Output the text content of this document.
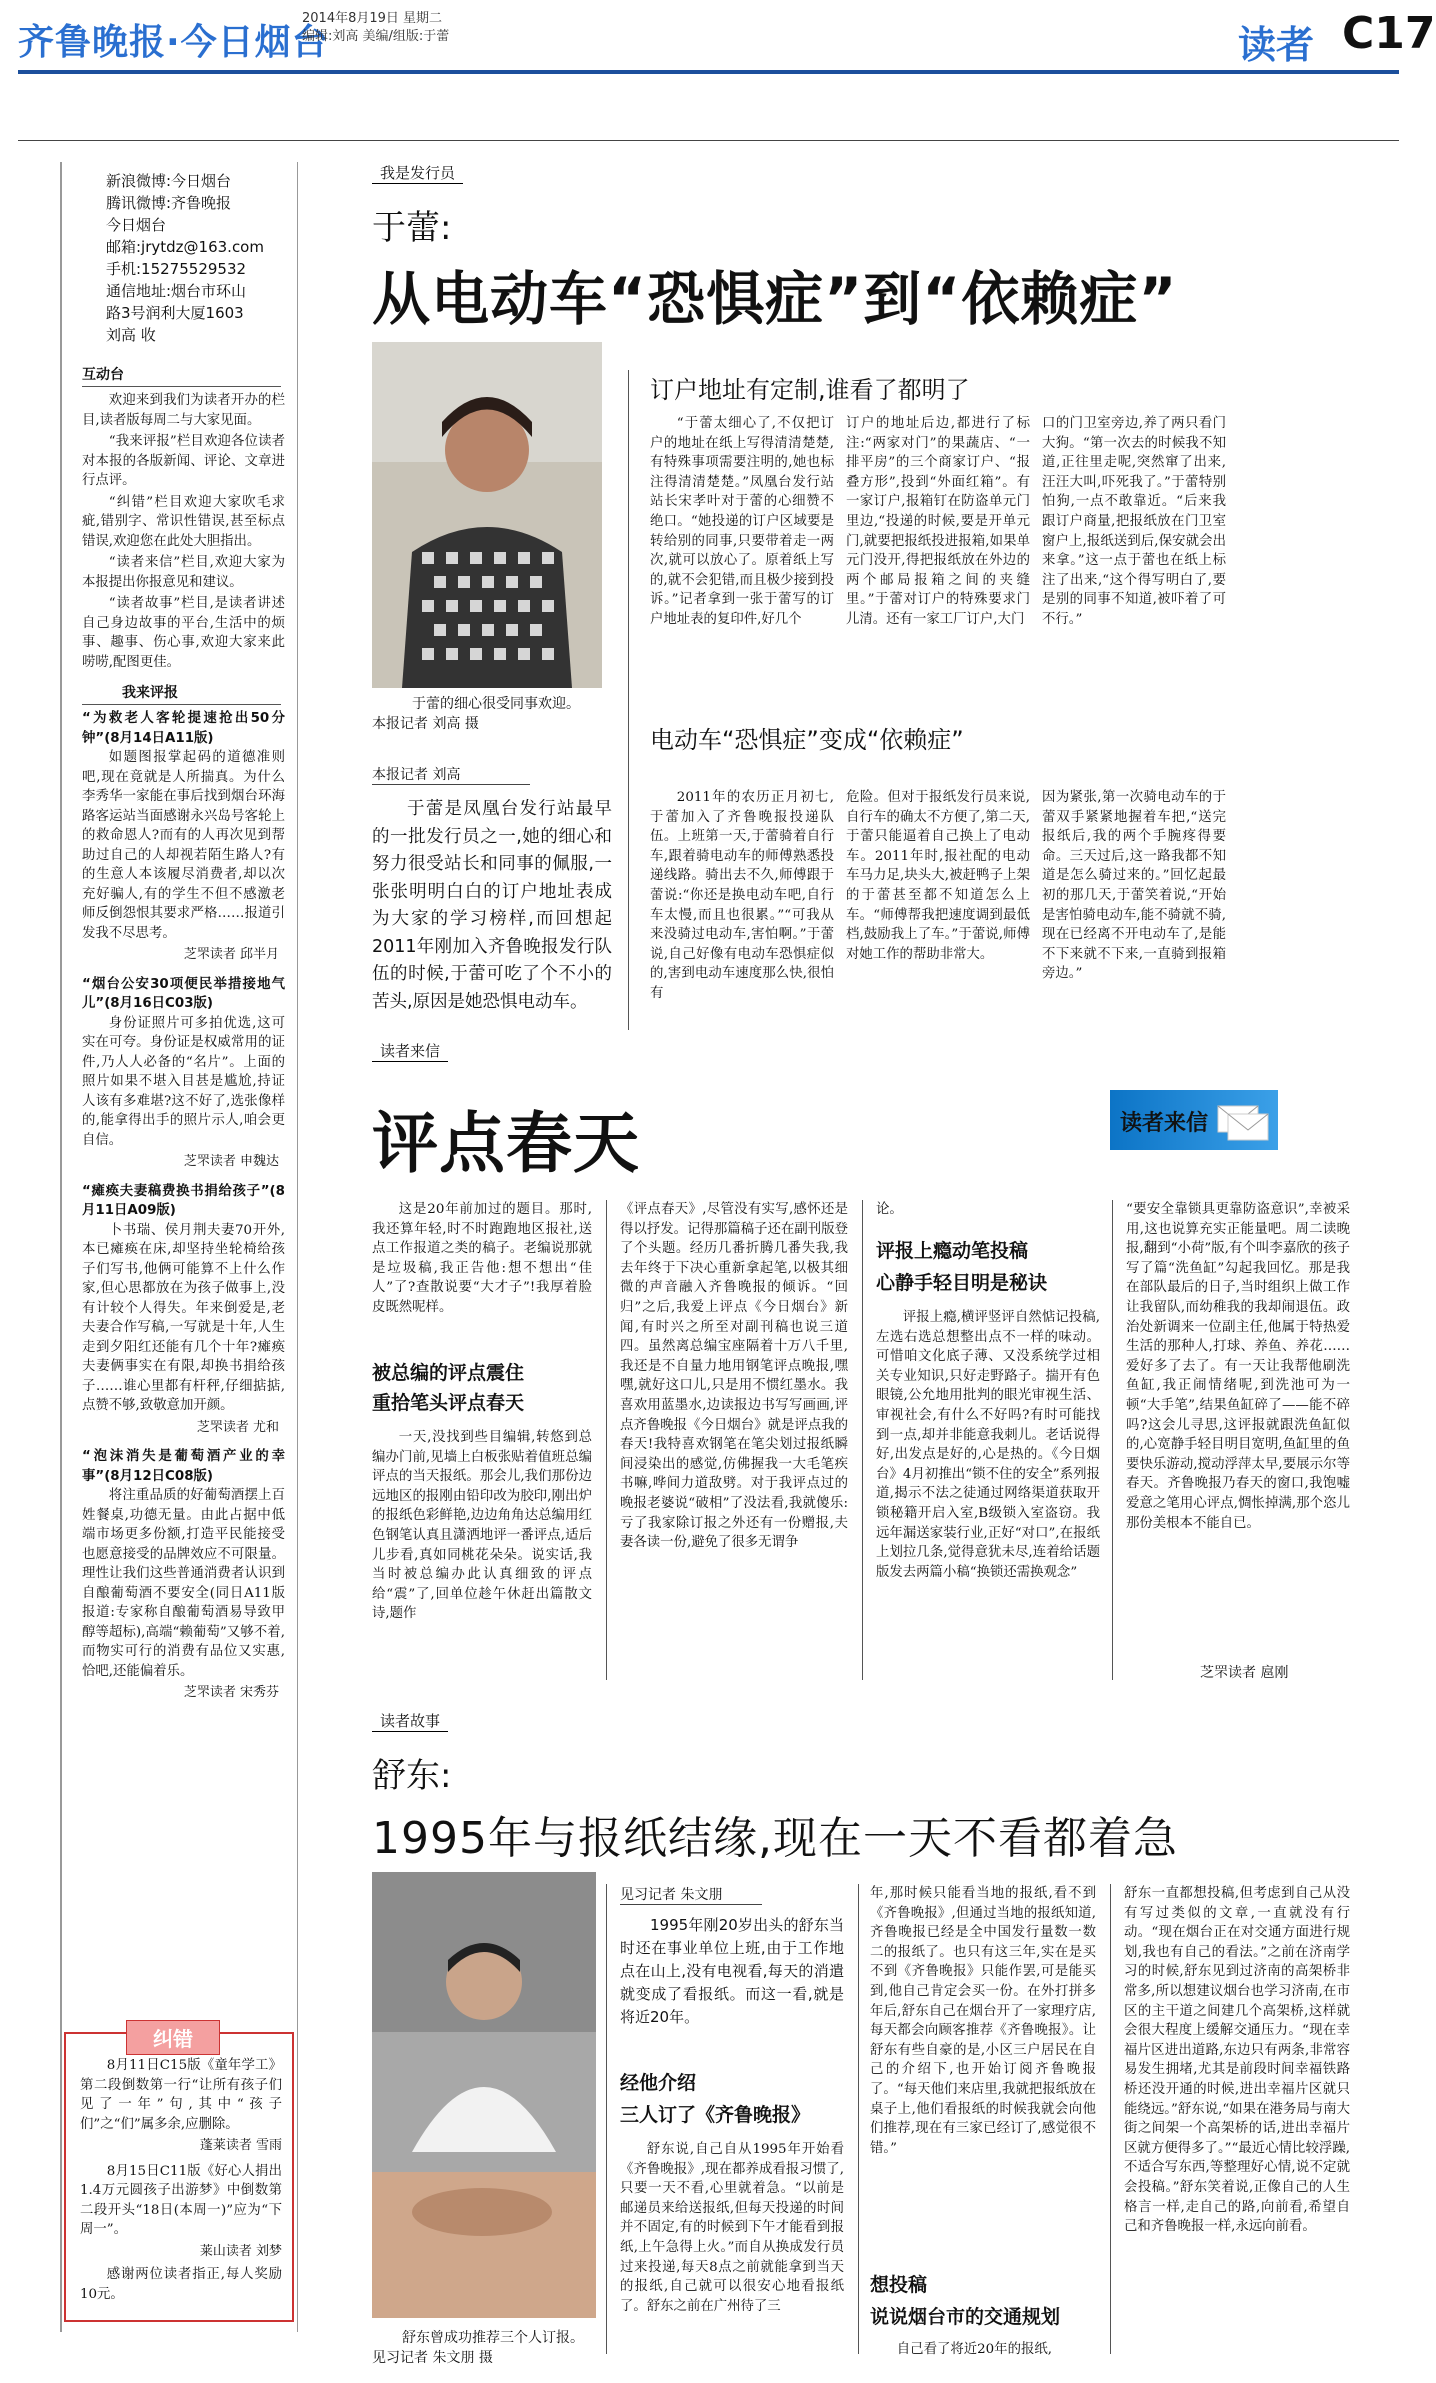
齐鲁晚报·今日烟台
2014年8月19日 星期二
编辑:刘高 美编/组版:于蕾	读者 C17
新浪微博:今日烟台
腾讯微博:齐鲁晚报
今日烟台
邮箱:jrytdz@163.com
手机:15275529532
通信地址:烟台市环山
路3号润利大厦1603
刘高 收
互动台

欢迎来到我们为读者开办的栏目,读者版每周二与大家见面。

“我来评报”栏目欢迎各位读者对本报的各版新闻、评论、文章进行点评。

“纠错”栏目欢迎大家吹毛求疵,错别字、常识性错误,甚至标点错误,欢迎您在此处大胆指出。

“读者来信”栏目,欢迎大家为本报提出你报意见和建议。

“读者故事”栏目,是读者讲述自己身边故事的平台,生活中的烦事、趣事、伤心事,欢迎大家来此唠唠,配图更佳。

我来评报
“为救老人客轮提速抢出50分钟”(8月14日A11版)

如题图报掌起码的道德准则吧,现在竟就是人所揣真。为什么李秀华一家能在事后找到烟台环海路客运站当面感谢永兴岛号客轮上的救命恩人?而有的人再次见到帮助过自己的人却视若陌生路人?有的生意人本该履尽消费者,却以次充好骗人,有的学生不但不感激老师反倒怨恨其要求严格……报道引发我不尽思考。

芝罘读者 邱半月
“烟台公安30项便民举措接地气儿”(8月16日C03版)

身份证照片可多拍优选,这可实在可夸。身份证是权威常用的证件,乃人人必备的“名片”。上面的照片如果不堪入目甚是尴尬,持证人该有多难堪?这不好了,选张像样的,能拿得出手的照片示人,咱会更自信。

芝罘读者 申魏达
“瘫痪夫妻稿费换书捐给孩子”(8月11日A09版)

卜书瑞、侯月荆夫妻70开外,本已瘫痪在床,却坚持坐轮椅给孩子们写书,他俩可能算不上什么作家,但心思都放在为孩子做事上,没有计较个人得失。年来倒爱是,老夫妻合作写稿,一写就是十年,人生走到夕阳红还能有几个十年?瘫痪夫妻俩事实在有限,却换书捐给孩子……谁心里都有杆秤,仔细掂掂,点赞不够,致敬意加开颜。

芝罘读者 尤和
“泡沫消失是葡萄酒产业的幸事”(8月12日C08版)

将注重品质的好葡萄酒摆上百姓餐桌,功德无量。由此占据中低端市场更多份额,打造平民能接受也愿意接受的品牌效应不可限量。理性让我们这些普通消费者认识到自酿葡萄酒不要安全(同日A11版报道:专家称自酿葡萄酒易导致甲醇等超标),高端“赖葡萄”又够不着,而物实可行的消费有品位又实惠,恰吧,还能偏着乐。

芝罘读者 宋秀芬
纠错

8月11日C15版《童年学工》第二段倒数第一行“让所有孩子们见了一年”句,其中“孩子们”之“们”属多余,应删除。

蓬莱读者 雪雨

8月15日C11版《好心人捐出1.4万元圆孩子出游梦》中倒数第二段开头“18日(本周一)”应为“下周一”。

莱山读者 刘梦

感谢两位读者指正,每人奖励10元。

我是发行员
于蕾:
从电动车“恐惧症”到“依赖症”
于蕾的细心很受同事欢迎。
本报记者 刘高 摄
订户地址有定制,谁看了都明了

“于蕾太细心了,不仅把订户的地址在纸上写得清清楚楚,有特殊事项需要注明的,她也标注得清清楚楚。”凤凰台发行站站长宋孝叶对于蕾的心细赞不绝口。“她投递的订户区域要是转给别的同事,只要带着走一两次,就可以放心了。原着纸上写的,就不会犯错,而且极少接到投诉。”记者拿到一张于蕾写的订户地址表的复印件,好几个

订户的地址后边,都进行了标注:“两家对门”的果蔬店、“一排平房”的三个商家订户、“报叠方形”,投到“外面红箱”。有一家订户,报箱钉在防盗单元门里边,“投递的时候,要是开单元门,就要把报纸投进报箱,如果单元门没开,得把报纸放在外边的两个邮局报箱之间的夹缝里。”于蕾对订户的特殊要求门儿清。还有一家工厂订户,大门

口的门卫室旁边,养了两只看门大狗。“第一次去的时候我不知道,正往里走呢,突然窜了出来,汪汪大叫,吓死我了。”于蕾特别怕狗,一点不敢靠近。“后来我跟订户商量,把报纸放在门卫室窗户上,报纸送到后,保安就会出来拿。”这一点于蕾也在纸上标注了出来,“这个得写明白了,要是别的同事不知道,被吓着了可不行。”

电动车“恐惧症”变成“依赖症”
本报记者 刘高

于蕾是凤凰台发行站最早的一批发行员之一,她的细心和努力很受站长和同事的佩服,一张张明明白白的订户地址表成为大家的学习榜样,而回想起2011年刚加入齐鲁晚报发行队伍的时候,于蕾可吃了个不小的苦头,原因是她恐惧电动车。

2011年的农历正月初七,于蕾加入了齐鲁晚报投递队伍。上班第一天,于蕾骑着自行车,跟着骑电动车的师傅熟悉投递线路。骑出去不久,师傅跟于蕾说:“你还是换电动车吧,自行车太慢,而且也很累。”“可我从来没骑过电动车,害怕啊。”于蕾说,自己好像有电动车恐惧症似的,害到电动车速度那么快,很怕有

危险。但对于报纸发行员来说,自行车的确太不方便了,第二天,于蕾只能逼着自己换上了电动车。2011年时,报社配的电动车马力足,块头大,被赶鸭子上架的于蕾甚至都不知道怎么上车。“师傅帮我把速度调到最低档,鼓励我上了车。”于蕾说,师傅对她工作的帮助非常大。

因为紧张,第一次骑电动车的于蕾双手紧紧地握着车把,“送完报纸后,我的两个手腕疼得要命。三天过后,这一路我都不知道是怎么骑过来的。”回忆起最初的那几天,于蕾笑着说,“开始是害怕骑电动车,能不骑就不骑,现在已经离不开电动车了,是能不下来就不下来,一直骑到报箱旁边。”

读者来信
评点春天	读者来信

这是20年前加过的题目。那时,我还算年轻,时不时跑跑地区报社,送点工作报道之类的稿子。老编说那就是垃圾稿,我正告他:想不想出“佳人”了?查散说要“大才子”!我厚着脸皮既然呢样。

被总编的评点震住
重拾笔头评点春天

一天,没找到些目编辑,转悠到总编办门前,见墙上白板张贴着值班总编评点的当天报纸。那会儿,我们那份边远地区的报刚由铅印改为胶印,刚出炉的报纸色彩鲜艳,边边角角达总编用红色钢笔认真且潇洒地评一番评点,适后儿步看,真如同桃花朵朵。说实话,我当时被总编办此认真细致的评点给“震”了,回单位趁午休赶出篇散文诗,题作

《评点春天》,尽管没有实写,感怀还是得以抒发。记得那篇稿子还在副刊版登了个头题。经历几番折腾几番失我,我去年终于下决心重新拿起笔,以极其细微的声音融入齐鲁晚报的倾诉。“回归”之后,我爱上评点《今日烟台》新闻,有时兴之所至对副刊稿也说三道四。虽然离总编宝座隔着十万八千里,我还是不自量力地用钢笔评点晚报,嘿嘿,就好这口儿,只是用不惯红墨水。我喜欢用蓝墨水,边读报边书写写画画,评点齐鲁晚报《今日烟台》就是评点我的春天!我特喜欢钢笔在笔尖划过报纸瞬间浸染出的感觉,仿佛握我一大毛笔疾书嘛,哗间力道敌劈。对于我评点过的晚报老婆说“破相”了没法看,我就傻乐:亏了我家除订报之外还有一份赠报,夫妻各读一份,避免了很多无谓争

论。

评报上瘾动笔投稿
心静手轻目明是秘诀

评报上瘾,横评竖评自然惦记投稿,左选右选总想整出点不一样的味动。可惜咱文化底子薄、又没系统学过相关专业知识,只好走野路子。揣开有色眼镜,公允地用批判的眼光审视生活、审视社会,有什么不好吗?有时可能找到一点,却并非能意我刺儿。老话说得好,出发点是好的,心是热的。《今日烟台》4月初推出“锁不住的安全”系列报道,揭示不法之徒通过网络渠道获取开锁秘籍开启入室,B级锁入室盗窃。我远年漏送家装行业,正好“对口”,在报纸上划拉几条,觉得意犹未尽,连着给话题版发去两篇小稿“换锁还需换观念”

“要安全靠锁具更靠防盗意识”,幸被采用,这也说算充实正能量吧。周二读晚报,翻到“小荷”版,有个叫李嘉欣的孩子写了篇“洗鱼缸”勾起我回忆。那是我在部队最后的日子,当时组织上做工作让我留队,而幼稚我的我却闹退伍。政治处新调来一位副主任,他属于特热爱生活的那种人,打球、养鱼、养花……爱好多了去了。有一天让我帮他刷洗鱼缸,我正闹情绪呢,到洗池可为一顿“大手笔”,结果鱼缸碎了——能不碎吗?这会儿寻思,这评报就跟洗鱼缸似的,心宽静手轻目明目宽明,鱼缸里的鱼要快乐游动,搅动浮萍太早,要展示尔等春天。齐鲁晚报乃春天的窗口,我饱嘘爱意之笔用心评点,惆怅掉满,那个恣儿那份美根本不能自已。

芝罘读者 扈刚
读者故事
舒东:
1995年与报纸结缘,现在一天不看都着急
舒东曾成功推荐三个人订报。
见习记者 朱文朋 摄
见习记者 朱文朋

1995年刚20岁出头的舒东当时还在事业单位上班,由于工作地点在山上,没有电视看,每天的消遣就变成了看报纸。而这一看,就是将近20年。

经他介绍
三人订了《齐鲁晚报》

舒东说,自己自从1995年开始看《齐鲁晚报》,现在都养成看报习惯了,只要一天不看,心里就着急。“以前是邮递员来给送报纸,但每天投递的时间并不固定,有的时候到下午才能看到报纸,上午急得上火。”而自从换成发行员过来投递,每天8点之前就能拿到当天的报纸,自己就可以很安心地看报纸了。舒东之前在广州待了三

年,那时候只能看当地的报纸,看不到《齐鲁晚报》,但通过当地的报纸知道,齐鲁晚报已经是全中国发行量数一数二的报纸了。也只有这三年,实在是买不到《齐鲁晚报》只能作罢,可是能买到,他自己肯定会买一份。在外打拼多年后,舒东自己在烟台开了一家理疗店,每天都会向顾客推荐《齐鲁晚报》。让舒东有些自豪的是,小区三户居民在自己的介绍下,也开始订阅齐鲁晚报了。“每天他们来店里,我就把报纸放在桌子上,他们看报纸的时候我就会向他们推荐,现在有三家已经订了,感觉很不错。”

想投稿
说说烟台市的交通规划

自己看了将近20年的报纸,

舒东一直都想投稿,但考虑到自己从没有写过类似的文章,一直就没有行动。“现在烟台正在对交通方面进行规划,我也有自己的看法。”之前在济南学习的时候,舒东见到过济南的高架桥非常多,所以想建议烟台也学习济南,在市区的主干道之间建几个高架桥,这样就会很大程度上缓解交通压力。“现在幸福片区进出道路,东边只有两条,非常容易发生拥堵,尤其是前段时间幸福铁路桥还没开通的时候,进出幸福片区就只能绕远。”舒东说,“如果在港务局与南大街之间架一个高架桥的话,进出幸福片区就方便得多了。”“最近心情比较浮躁,不适合写东西,等整理好心情,说不定就会投稿。”舒东笑着说,正像自己的人生格言一样,走自己的路,向前看,希望自己和齐鲁晚报一样,永远向前看。
